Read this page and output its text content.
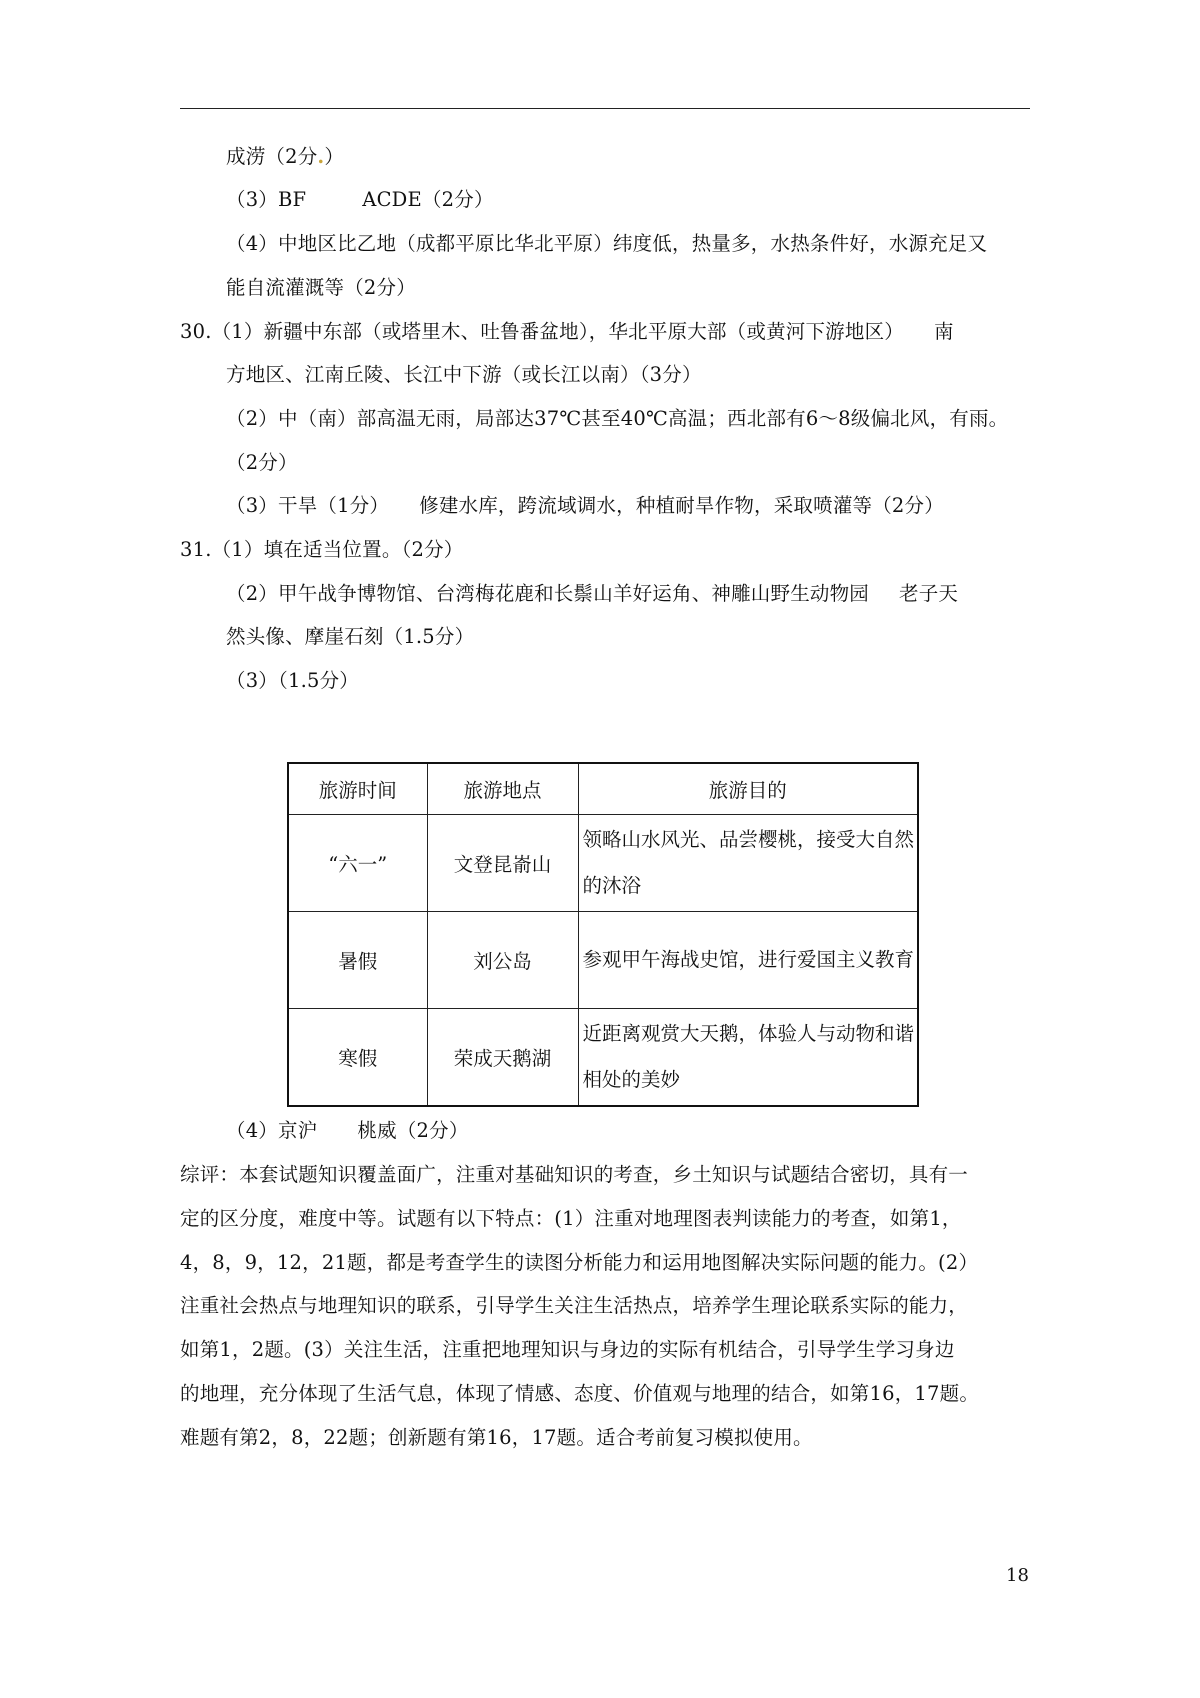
成涝（2分.）
（3）BF	ACDE（2分）
（4）中地区比乙地（成都平原比华北平原）纬度低，热量多，水热条件好，水源充足又
能自流灌溉等（2分）
30.（1）新疆中东部（或塔里木、吐鲁番盆地），华北平原大部（或黄河下游地区） 南
方地区、江南丘陵、长江中下游（或长江以南）（3分）
（2）中（南）部高温无雨，局部达37℃甚至40℃高温；西北部有6～8级偏北风，有雨。
（2分）
（3）干旱（1分） 修建水库，跨流域调水，种植耐旱作物，采取喷灌等（2分）
31.（1）填在适当位置。（2分）
（2）甲午战争博物馆、台湾梅花鹿和长鬃山羊好运角、神雕山野生动物园 老子天
然头像、摩崖石刻（1.5分）
（3）（1.5分）
旅游时间	旅游地点	旅游目的
“六一”	文登昆嵛山	领略山水风光、品尝樱桃，接受大自然的沐浴
暑假	刘公岛	参观甲午海战史馆，进行爱国主义教育
寒假	荣成天鹅湖	近距离观赏大天鹅，体验人与动物和谐相处的美妙
（4）京沪 桃威（2分）
综评：本套试题知识覆盖面广，注重对基础知识的考查，乡土知识与试题结合密切，具有一
定的区分度，难度中等。试题有以下特点：(1）注重对地理图表判读能力的考查，如第1，
4，8，9，12，21题，都是考查学生的读图分析能力和运用地图解决实际问题的能力。(2）
注重社会热点与地理知识的联系，引导学生关注生活热点，培养学生理论联系实际的能力，
如第1，2题。(3）关注生活，注重把地理知识与身边的实际有机结合，引导学生学习身边
的地理，充分体现了生活气息，体现了情感、态度、价值观与地理的结合，如第16，17题。
难题有第2，8，22题；创新题有第16，17题。适合考前复习模拟使用。
18
